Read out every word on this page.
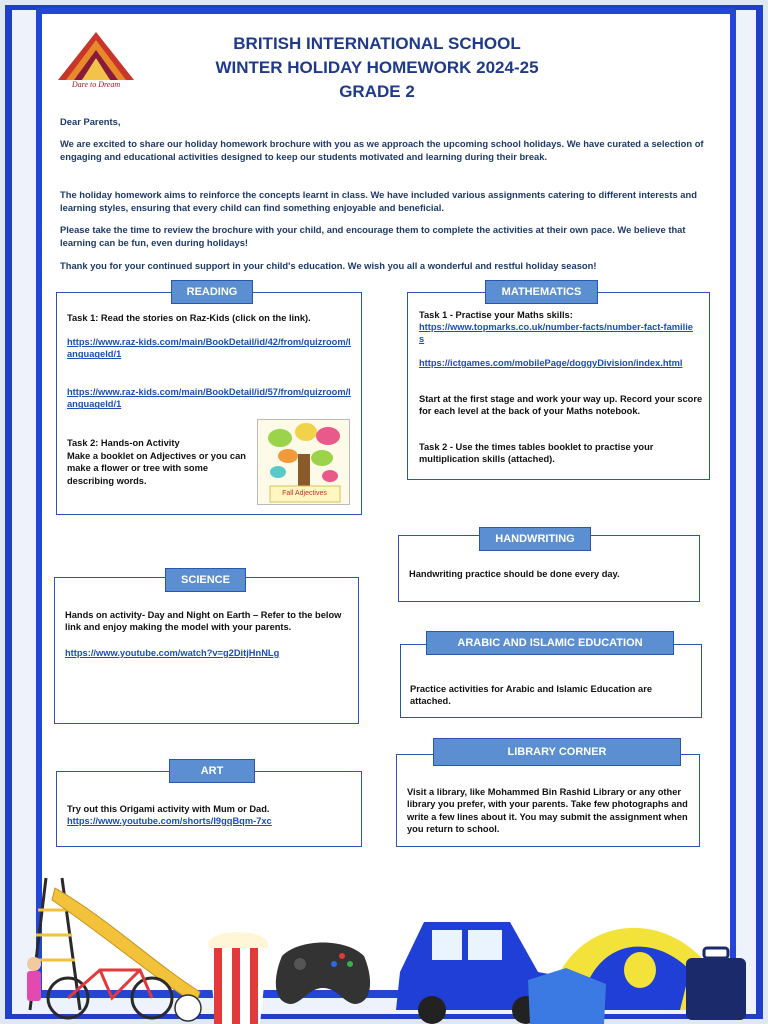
Dare to Dream
BRITISH INTERNATIONAL SCHOOL
WINTER HOLIDAY HOMEWORK 2024-25
GRADE 2

Dear Parents,

We are excited to share our holiday homework brochure with you as we approach the upcoming school holidays. We have curated a selection of engaging and educational activities designed to keep our students motivated and learning during their break.

The holiday homework aims to reinforce the concepts learnt in class. We have included various assignments catering to different interests and learning styles, ensuring that every child can find something enjoyable and beneficial.

Please take the time to review the brochure with your child, and encourage them to complete the activities at their own pace. We believe that learning can be fun, even during holidays!

Thank you for your continued support in your child's education. We wish you all a wonderful and restful holiday season!

READING

Task 1: Read the stories on Raz-Kids (click on the link).

https://www.raz-kids.com/main/BookDetail/id/42/from/quizroom/languageId/1

https://www.raz-kids.com/main/BookDetail/id/57/from/quizroom/languageId/1

Task 2: Hands-on Activity

Make a booklet on Adjectives or you can make a flower or tree with some describing words.

Fall Adjectives
MATHEMATICS

Task 1 - Practise your Maths skills:

https://www.topmarks.co.uk/number-facts/number-fact-families

https://ictgames.com/mobilePage/doggyDivision/index.html

Start at the first stage and work your way up. Record your score for each level at the back of your Maths notebook.

Task 2 - Use the times tables booklet to practise your multiplication skills (attached).

HANDWRITING

Handwriting practice should be done every day.

SCIENCE

Hands on activity- Day and Night on Earth – Refer to the below link and enjoy making the model with your parents.

https://www.youtube.com/watch?v=g2DitjHnNLg

ARABIC AND ISLAMIC EDUCATION

Practice activities for Arabic and Islamic Education are attached.

ART

Try out this Origami activity with Mum or Dad.

https://www.youtube.com/shorts/I9gqBqm-7xc

LIBRARY CORNER

Visit a library, like Mohammed Bin Rashid Library or any other library you prefer, with your parents. Take few photographs and write a few lines about it. You may submit the assignment when you return to school.
